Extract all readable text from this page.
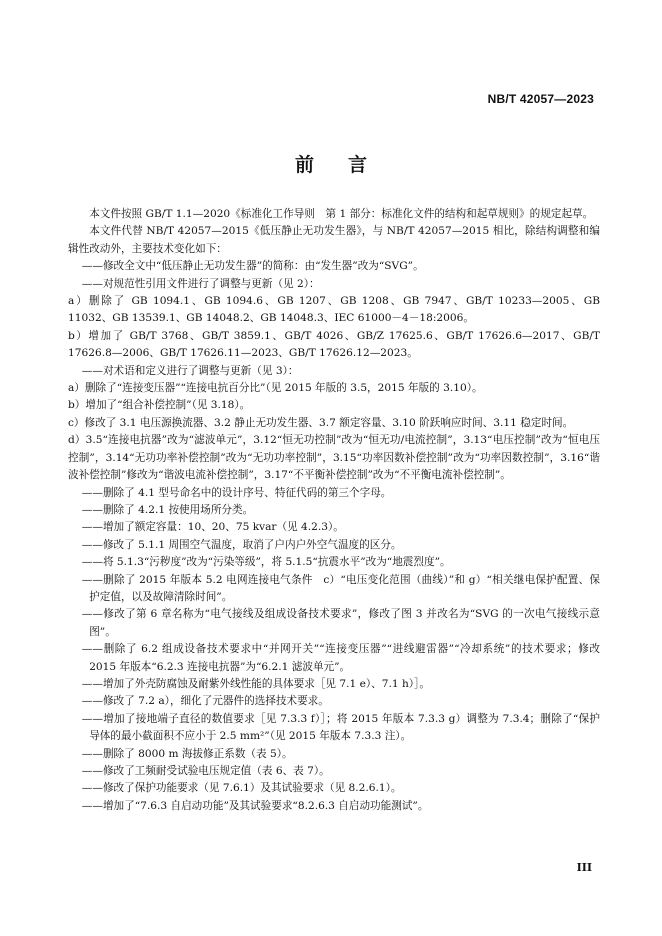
NB/T 42057—2023
前 言

本文件按照 GB/T 1.1—2020《标准化工作导则　第 1 部分：标准化文件的结构和起草规则》的规定起草。

本文件代替 NB/T 42057—2015《低压静止无功发生器》，与 NB/T 42057—2015 相比，除结构调整和编辑性改动外，主要技术变化如下：

——修改全文中“低压静止无功发生器”的简称：由“发生器”改为“SVG”。

——对规范性引用文件进行了调整与更新（见 2）：

a）删除了 GB 1094.1、GB 1094.6、GB 1207、GB 1208、GB 7947、GB/T 10233—2005、GB 11032、GB 13539.1、GB 14048.2、GB 14048.3、IEC 61000－4－18:2006。

b）增加了 GB/T 3768、GB/T 3859.1、GB/T 4026、GB/Z 17625.6、GB/T 17626.6—2017、GB/T 17626.8—2006、GB/T 17626.11—2023、GB/T 17626.12—2023。

——对术语和定义进行了调整与更新（见 3）：

a）删除了“连接变压器”“连接电抗百分比”（见 2015 年版的 3.5，2015 年版的 3.10）。

b）增加了“组合补偿控制”（见 3.18）。

c）修改了 3.1 电压源换流器、3.2 静止无功发生器、3.7 额定容量、3.10 阶跃响应时间、3.11 稳定时间。

d）3.5“连接电抗器”改为“滤波单元”，3.12“恒无功控制”改为“恒无功/电流控制”，3.13“电压控制”改为“恒电压控制”，3.14“无功功率补偿控制”改为“无功功率控制”，3.15“功率因数补偿控制”改为“功率因数控制”，3.16“谐波补偿控制”修改为“谐波电流补偿控制”，3.17“不平衡补偿控制”改为“不平衡电流补偿控制”。

——删除了 4.1 型号命名中的设计序号、特征代码的第三个字母。

——删除了 4.2.1 按使用场所分类。

——增加了额定容量：10、20、75 kvar（见 4.2.3）。

——修改了 5.1.1 周围空气温度，取消了户内户外空气温度的区分。

——将 5.1.3“污秽度”改为“污染等级”，将 5.1.5“抗震水平”改为“地震烈度”。

——删除了 2015 年版本 5.2 电网连接电气条件　c）“电压变化范围（曲线）”和 g）“相关继电保护配置、保护定值，以及故障清除时间”。

——修改了第 6 章名称为“电气接线及组成设备技术要求”，修改了图 3 并改名为“SVG 的一次电气接线示意图”。

——删除了 6.2 组成设备技术要求中“并网开关”“连接变压器”“进线避雷器”“冷却系统”的技术要求；修改 2015 年版本“6.2.3 连接电抗器”为“6.2.1 滤波单元”。

——增加了外壳防腐蚀及耐紫外线性能的具体要求［见 7.1 e）、7.1 h）］。

——修改了 7.2 a），细化了元器件的选择技术要求。

——增加了接地端子直径的数值要求［见 7.3.3 f）］；将 2015 年版本 7.3.3 g）调整为 7.3.4；删除了“保护导体的最小截面积不应小于 2.5 mm²”（见 2015 年版本 7.3.3 注）。

——删除了 8000 m 海拔修正系数（表 5）。

——修改了工频耐受试验电压规定值（表 6、表 7）。

——修改了保护功能要求（见 7.6.1）及其试验要求（见 8.2.6.1）。

——增加了“7.6.3 自启动功能”及其试验要求“8.2.6.3 自启动功能测试”。

III
